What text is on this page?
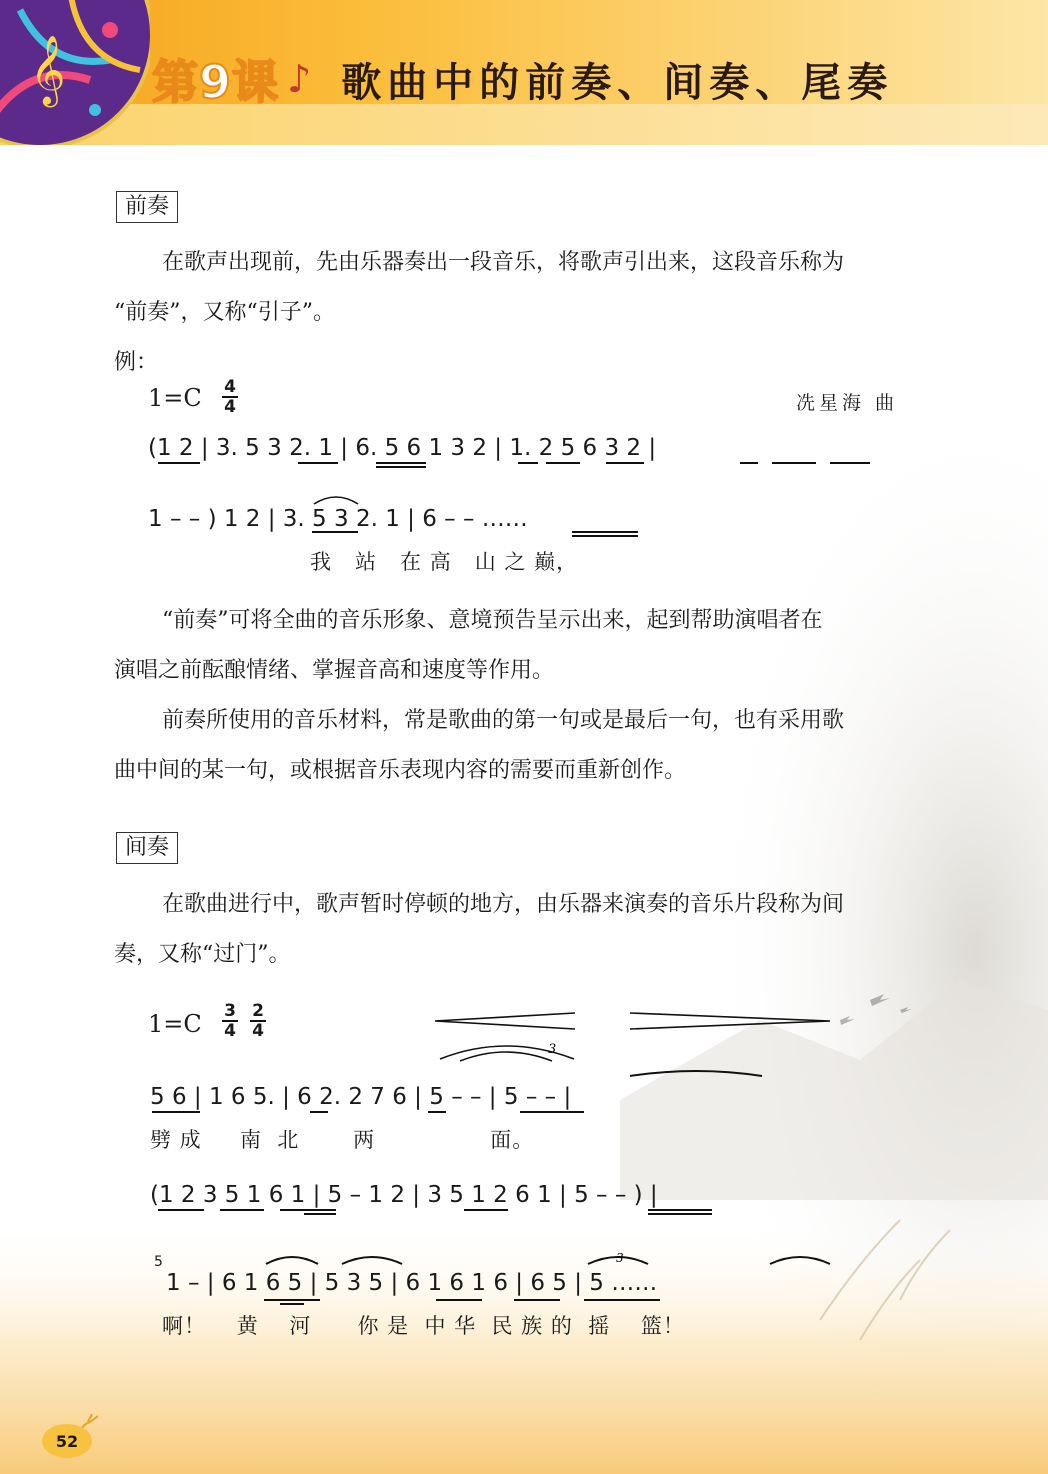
𝄞 第9课 ♪ 歌曲中的前奏、间奏、尾奏
前奏
在歌声出现前，先由乐器奏出一段音乐，将歌声引出来，这段音乐称为
“前奏”，又称“引子”。
例：
1=C 4
4	冼星海 曲
(1 2 | 3. 5 3 2. 1 | 6. 5 6 1 3 2 | 1. 2 5 6 3 2 |
1 – – ) 1 2 | 3. 5 3 2. 1 | 6 – – ……
我   站   在 高   山 之 巅，
“前奏”可将全曲的音乐形象、意境预告呈示出来，起到帮助演唱者在
演唱之前酝酿情绪、掌握音高和速度等作用。
前奏所使用的音乐材料，常是歌曲的第一句或是最后一句，也有采用歌
曲中间的某一句，或根据音乐表现内容的需要而重新创作。
间奏
在歌曲进行中，歌声暂时停顿的地方，由乐器来演奏的音乐片段称为间
奏，又称“过门”。
1=C 3
4
2
4
3
5 6 | 1 6 5. | 6 2. 2 7 6 | 5 – – | 5 – – |
劈 成     南  北       两               面。
(1 2 3 5 1 6 1 | 5 – 1 2 | 3 5 1 2 6 1 | 5 – – ) |
5
1 – | 6 1 6 5 | 5 3 5 | 6 1 6 1 6 | 6 5 | 5 ……
3
啊！    黄    河      你 是  中 华  民 族 的  摇    篮！
52
